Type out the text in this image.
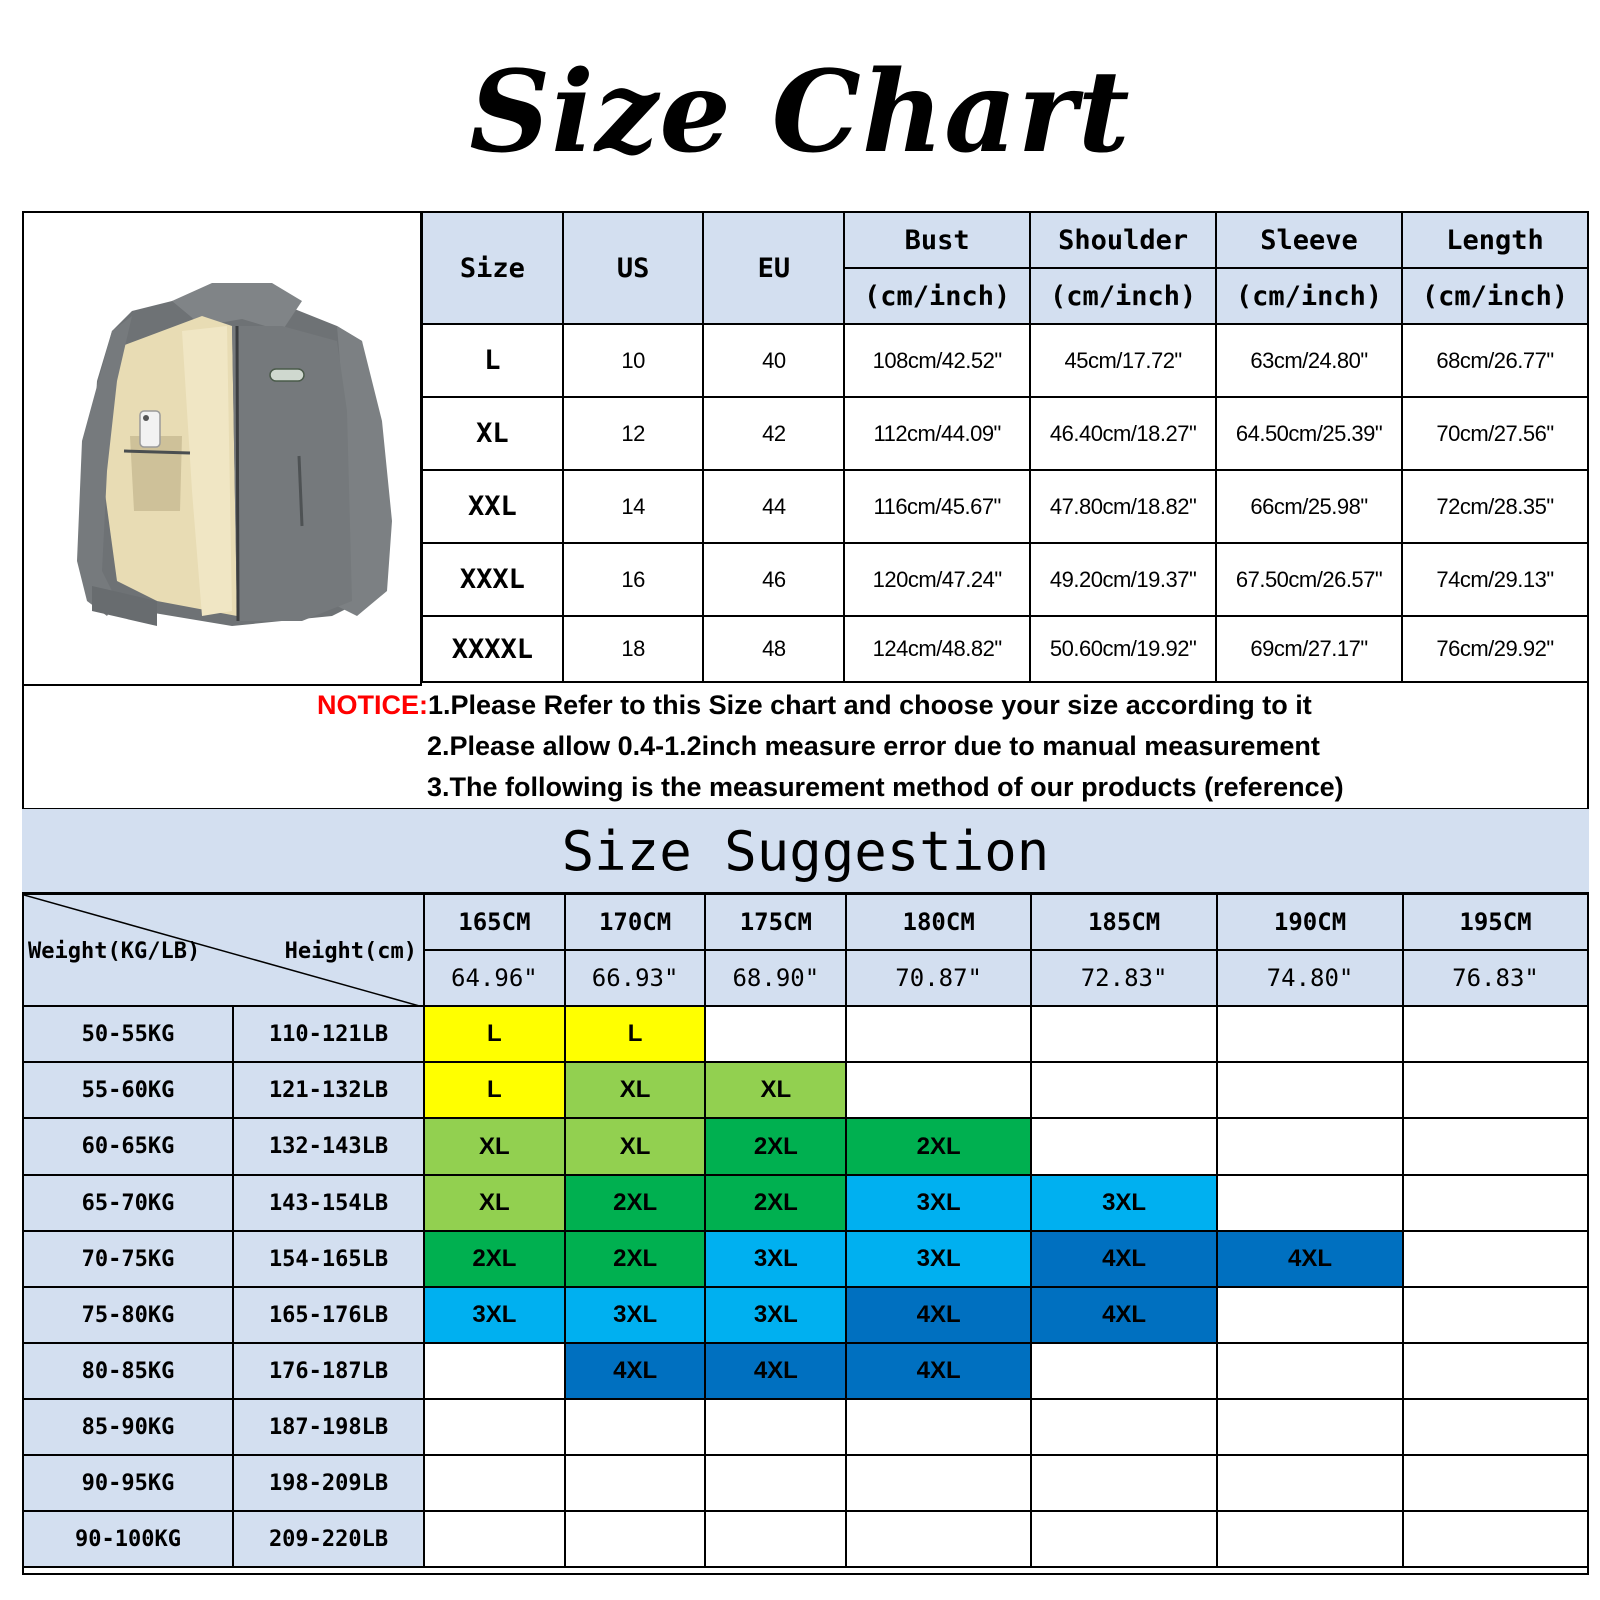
Size Chart
Size	US	EU	Bust	Shoulder	Sleeve	Length
			(cm/inch)	(cm/inch)	(cm/inch)	(cm/inch)
L	10	40	108cm/42.52"	45cm/17.72"	63cm/24.80"	68cm/26.77"
XL	12	42	112cm/44.09"	46.40cm/18.27"	64.50cm/25.39"	70cm/27.56"
XXL	14	44	116cm/45.67"	47.80cm/18.82"	66cm/25.98"	72cm/28.35"
XXXL	16	46	120cm/47.24"	49.20cm/19.37"	67.50cm/26.57"	74cm/29.13"
XXXXL	18	48	124cm/48.82"	50.60cm/19.92"	69cm/27.17"	76cm/29.92"
NOTICE:1.Please Refer to this Size chart and choose your size according to it
2.Please allow 0.4-1.2inch measure error due to manual measurement
3.The following is the measurement method of our products (reference)
Size Suggestion
Weight(KG/LB) Height(cm)		165CM	170CM	175CM	180CM	185CM	190CM	195CM
		64.96"	66.93"	68.90"	70.87"	72.83"	74.80"	76.83"
50-55KG	110-121LB	L	L					
55-60KG	121-132LB	L	XL	XL				
60-65KG	132-143LB	XL	XL	2XL	2XL			
65-70KG	143-154LB	XL	2XL	2XL	3XL	3XL		
70-75KG	154-165LB	2XL	2XL	3XL	3XL	4XL	4XL	
75-80KG	165-176LB	3XL	3XL	3XL	4XL	4XL		
80-85KG	176-187LB		4XL	4XL	4XL			
85-90KG	187-198LB							
90-95KG	198-209LB							
90-100KG	209-220LB							
